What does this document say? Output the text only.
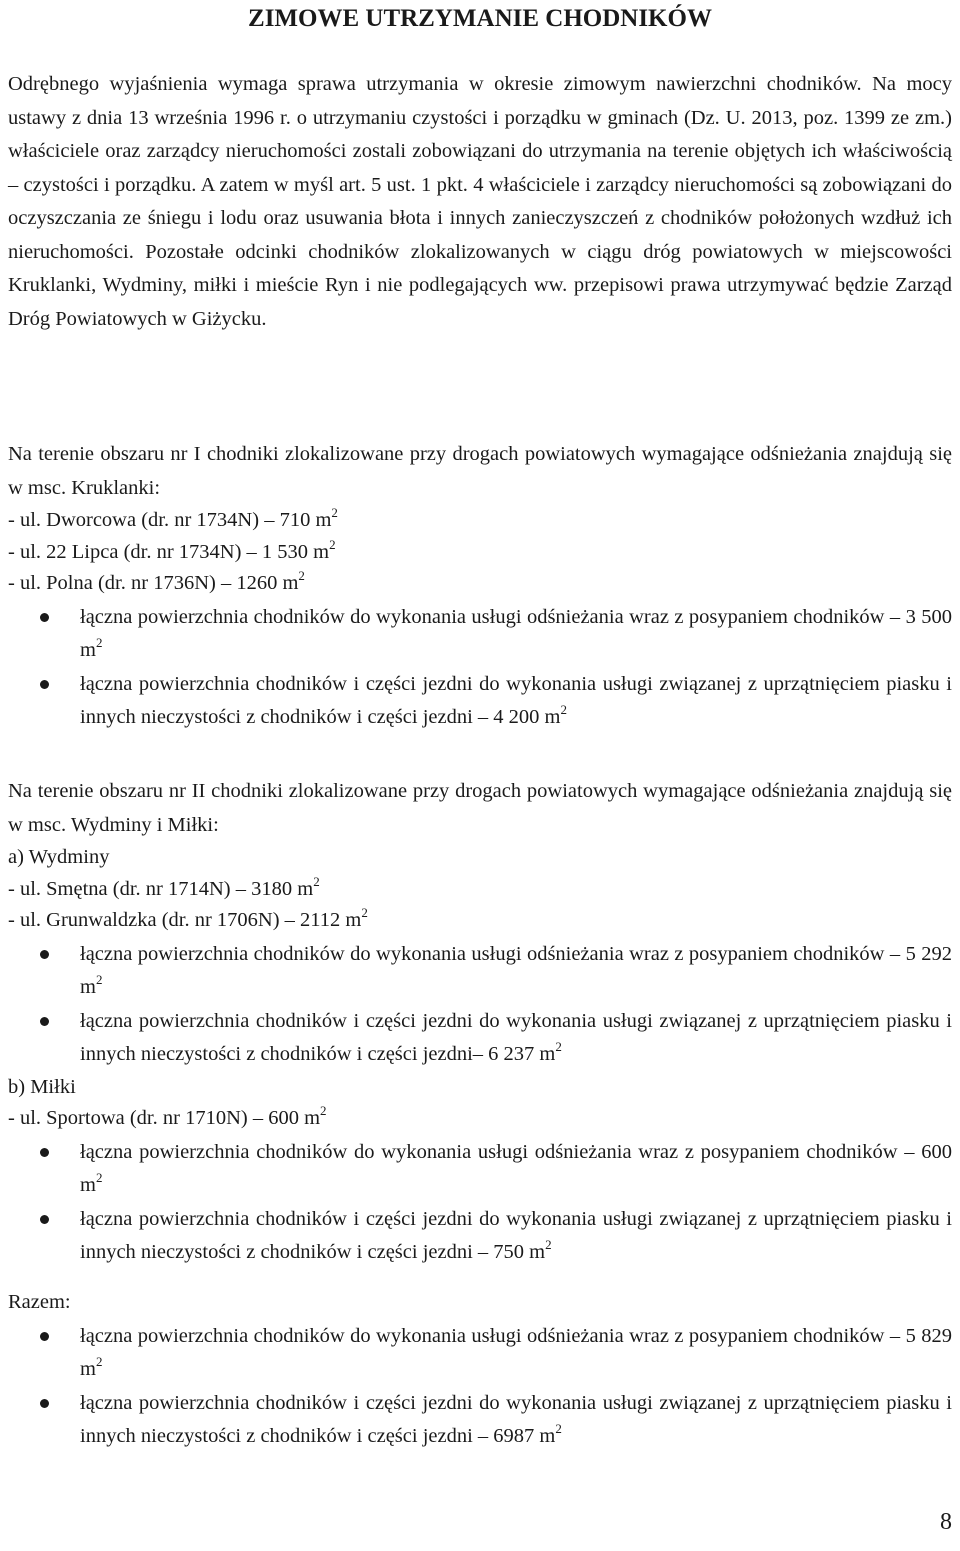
ZIMOWE UTRZYMANIE CHODNIKÓW

Odrębnego wyjaśnienia wymaga sprawa utrzymania w okresie zimowym nawierzchni chodników. Na mocy ustawy z dnia 13 września 1996 r. o utrzymaniu czystości i porządku w gminach (Dz. U. 2013, poz. 1399 ze zm.) właściciele oraz zarządcy nieruchomości zostali zobowiązani do utrzymania na terenie objętych ich właściwością – czystości i porządku. A zatem w myśl art. 5 ust. 1 pkt. 4 właściciele i zarządcy nieruchomości są zobowiązani do oczyszczania ze śniegu i lodu oraz usuwania błota i innych zanieczyszczeń z chodników położonych wzdłuż ich nieruchomości. Pozostałe odcinki chodników zlokalizowanych w ciągu dróg powiatowych w miejscowości Kruklanki, Wydminy, miłki i mieście Ryn i nie podlegających ww. przepisowi prawa utrzymywać będzie Zarząd Dróg Powiatowych w Giżycku.

Na terenie obszaru nr I chodniki zlokalizowane przy drogach powiatowych wymagające odśnieżania znajdują się w msc. Kruklanki:

- ul. Dworcowa (dr. nr 1734N) – 710 $m^2$
- ul. 22 Lipca (dr. nr 1734N) – 1 530 $m^2$
- ul. Polna (dr. nr 1736N) – 1260 $m^2$
łączna powierzchnia chodników do wykonania usługi odśnieżania wraz z posypaniem chodników – 3 500 $m^2$
łączna powierzchnia chodników i części jezdni do wykonania usługi związanej z uprzątnięciem piasku i innych nieczystości z chodników i części jezdni – 4 200 $m^2$

Na terenie obszaru nr II chodniki zlokalizowane przy drogach powiatowych wymagające odśnieżania znajdują się w msc. Wydminy i Miłki:

a) Wydminy
- ul. Smętna (dr. nr 1714N) – 3180 $m^2$
- ul. Grunwaldzka (dr. nr 1706N) – 2112 $m^2$
łączna powierzchnia chodników do wykonania usługi odśnieżania wraz z posypaniem chodników – 5 292 $m^2$
łączna powierzchnia chodników i części jezdni do wykonania usługi związanej z uprzątnięciem piasku i innych nieczystości z chodników i części jezdni– 6 237 $m^2$
b) Miłki
- ul. Sportowa (dr. nr 1710N) – 600 $m^2$
łączna powierzchnia chodników do wykonania usługi odśnieżania wraz z posypaniem chodników – 600 $m^2$
łączna powierzchnia chodników i części jezdni do wykonania usługi związanej z uprzątnięciem piasku i innych nieczystości z chodników i części jezdni – 750 $m^2$
Razem:
łączna powierzchnia chodników do wykonania usługi odśnieżania wraz z posypaniem chodników – 5 829 $m^2$
łączna powierzchnia chodników i części jezdni do wykonania usługi związanej z uprzątnięciem piasku i innych nieczystości z chodników i części jezdni – 6987 $m^2$
8
